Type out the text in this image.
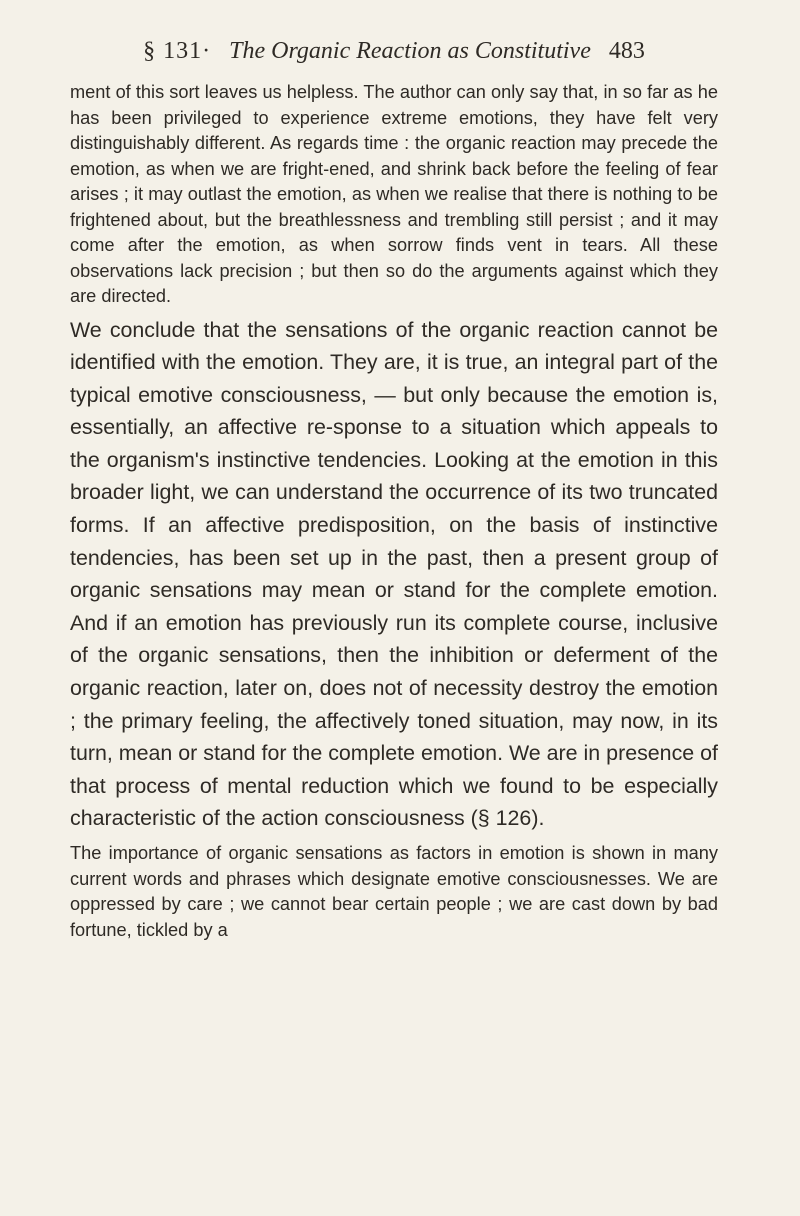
§ 131· The Organic Reaction as Constitutive 483

ment of this sort leaves us helpless. The author can only say that, in so far as he has been privileged to experience extreme emotions, they have felt very distinguishably different. As regards time : the organic reaction may precede the emotion, as when we are fright-ened, and shrink back before the feeling of fear arises ; it may outlast the emotion, as when we realise that there is nothing to be frightened about, but the breathlessness and trembling still persist ; and it may come after the emotion, as when sorrow finds vent in tears. All these observations lack precision ; but then so do the arguments against which they are directed.

We conclude that the sensations of the organic reaction cannot be identified with the emotion. They are, it is true, an integral part of the typical emotive consciousness, — but only because the emotion is, essentially, an affective re-sponse to a situation which appeals to the organism's instinctive tendencies. Looking at the emotion in this broader light, we can understand the occurrence of its two truncated forms. If an affective predisposition, on the basis of instinctive tendencies, has been set up in the past, then a present group of organic sensations may mean or stand for the complete emotion. And if an emotion has previously run its complete course, inclusive of the organic sensations, then the inhibition or deferment of the organic reaction, later on, does not of necessity destroy the emotion ; the primary feeling, the affectively toned situation, may now, in its turn, mean or stand for the complete emotion. We are in presence of that process of mental reduction which we found to be especially characteristic of the action consciousness (§ 126).

The importance of organic sensations as factors in emotion is shown in many current words and phrases which designate emotive consciousnesses. We are oppressed by care ; we cannot bear certain people ; we are cast down by bad fortune, tickled by a
